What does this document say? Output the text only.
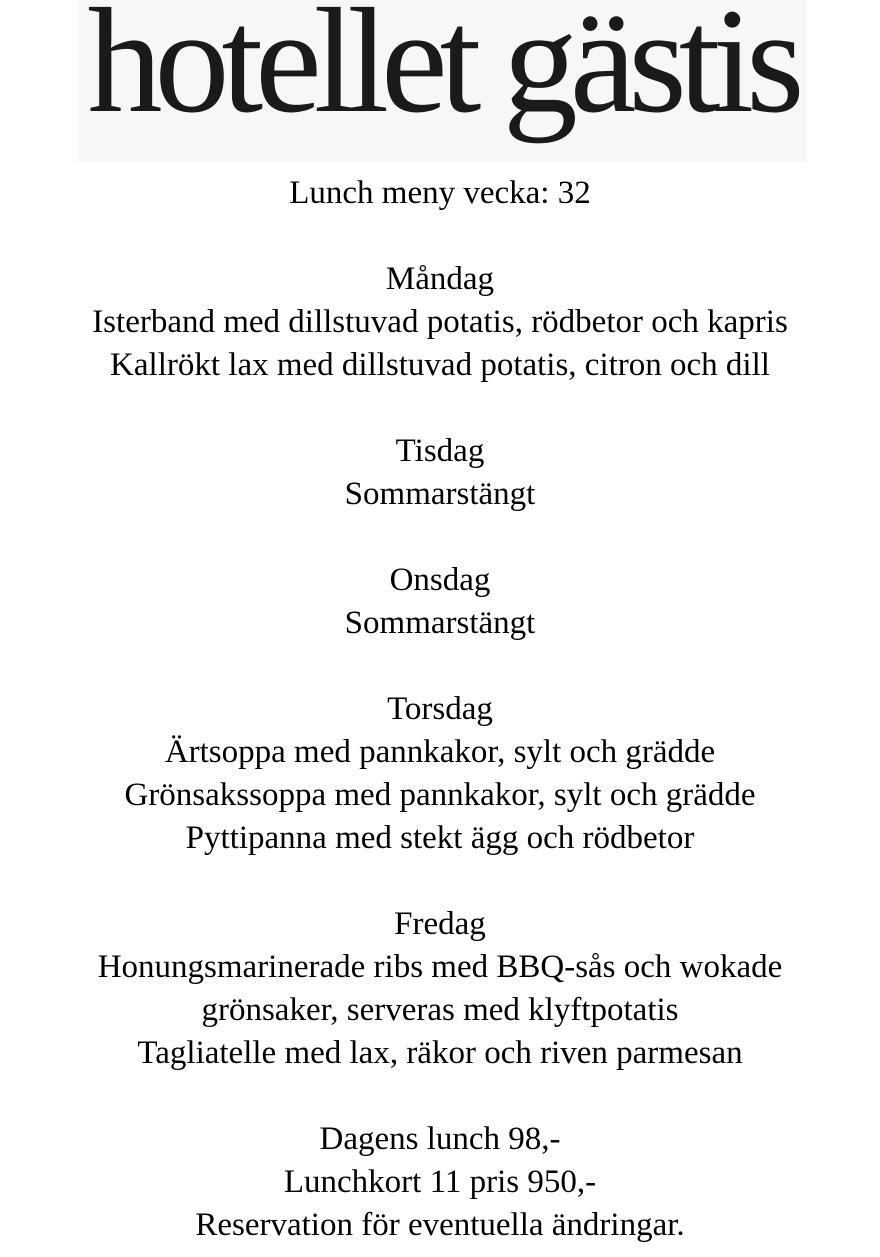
hotellet gästis
Lunch meny vecka: 32
Måndag
Isterband med dillstuvad potatis, rödbetor och kapris
Kallrökt lax med dillstuvad potatis, citron och dill
Tisdag
Sommarstängt
Onsdag
Sommarstängt
Torsdag
Ärtsoppa med pannkakor, sylt och grädde
Grönsakssoppa med pannkakor, sylt och grädde
Pyttipanna med stekt ägg och rödbetor
Fredag
Honungsmarinerade ribs med BBQ-sås och wokade
grönsaker, serveras med klyftpotatis
Tagliatelle med lax, räkor och riven parmesan
Dagens lunch 98,-
Lunchkort 11 pris 950,-
Reservation för eventuella ändringar.
